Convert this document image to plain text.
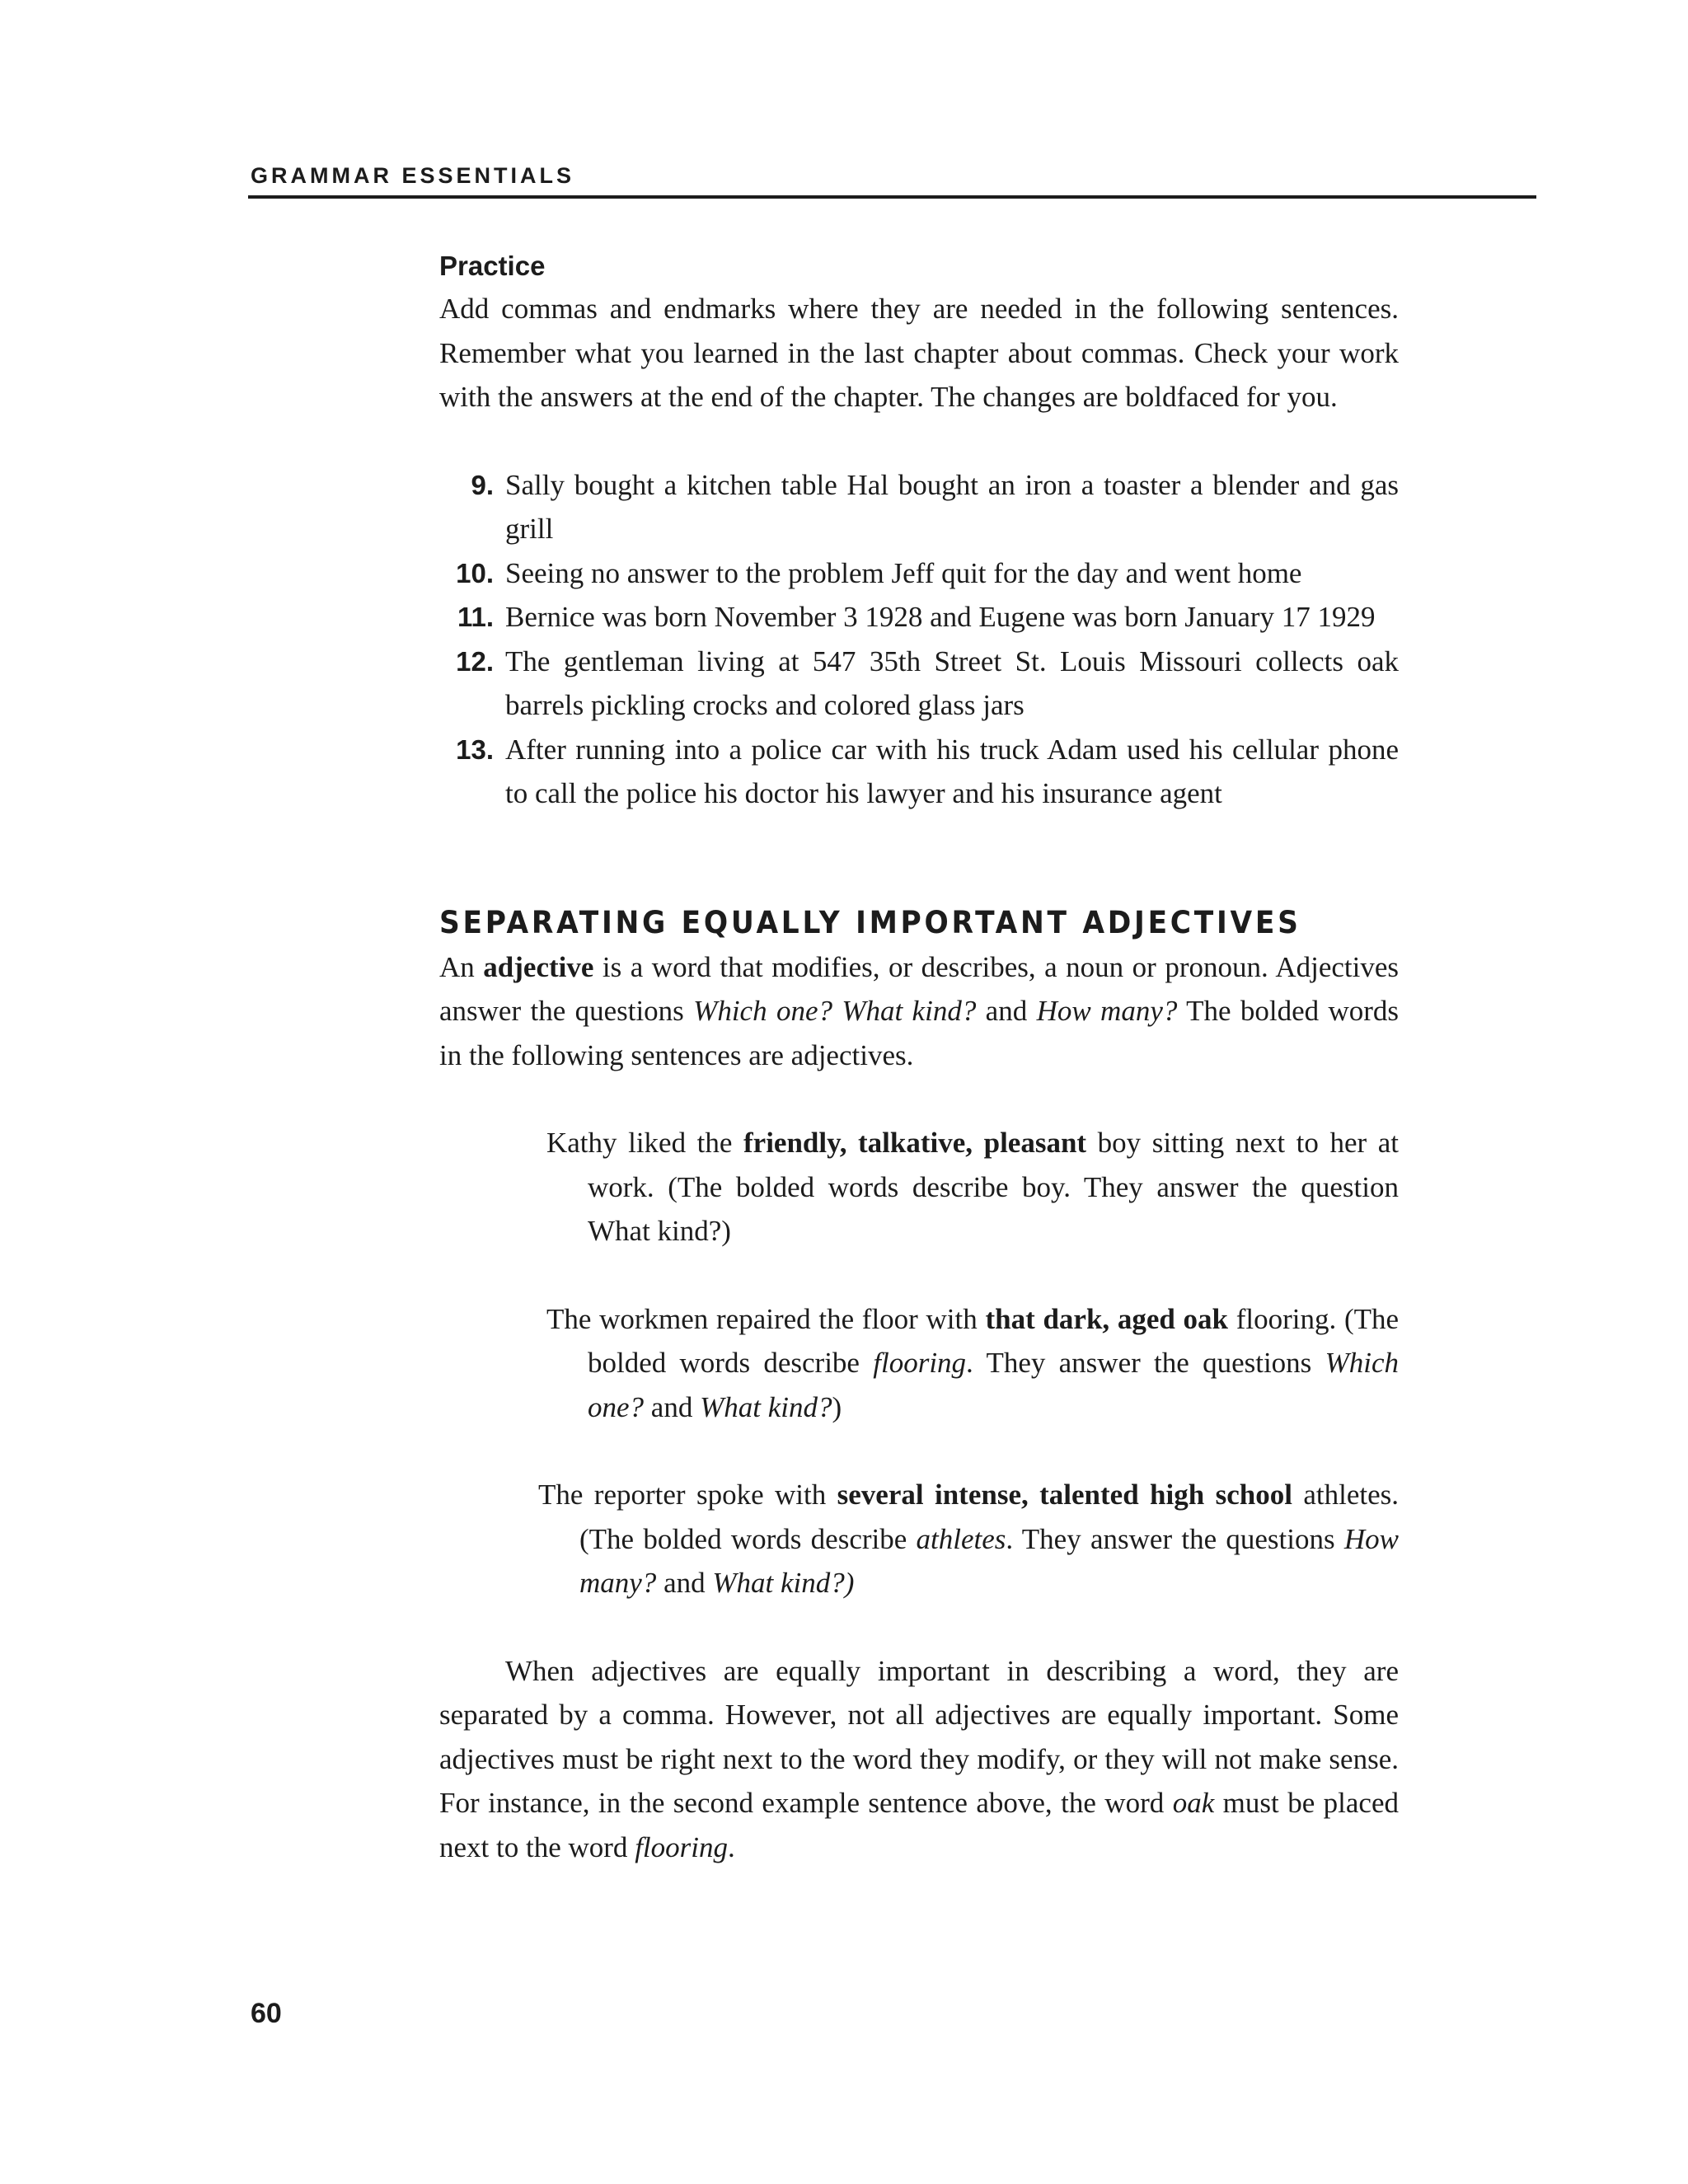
GRAMMAR ESSENTIALS
Practice

Add commas and endmarks where they are needed in the following sentences. Remember what you learned in the last chapter about commas. Check your work with the answers at the end of the chapter. The changes are boldfaced for you.

9. Sally bought a kitchen table Hal bought an iron a toaster a blender and gas grill
10. Seeing no answer to the problem Jeff quit for the day and went home
11. Bernice was born November 3 1928 and Eugene was born January 17 1929
12. The gentleman living at 547 35th Street St. Louis Missouri collects oak barrels pickling crocks and colored glass jars
13. After running into a police car with his truck Adam used his cellular phone to call the police his doctor his lawyer and his insurance agent
SEPARATING EQUALLY IMPORTANT ADJECTIVES

An adjective is a word that modifies, or describes, a noun or pronoun. Adjectives answer the questions Which one? What kind? and How many? The bolded words in the following sentences are adjectives.

Kathy liked the friendly, talkative, pleasant boy sitting next to her at work. (The bolded words describe boy. They answer the question What kind?)

The workmen repaired the floor with that dark, aged oak flooring. (The bolded words describe flooring. They answer the questions Which one? and What kind?)

The reporter spoke with several intense, talented high school athletes. (The bolded words describe athletes. They answer the questions How many? and What kind?)

When adjectives are equally important in describing a word, they are separated by a comma. However, not all adjectives are equally important. Some adjectives must be right next to the word they modify, or they will not make sense. For instance, in the second example sentence above, the word oak must be placed next to the word flooring.

60
